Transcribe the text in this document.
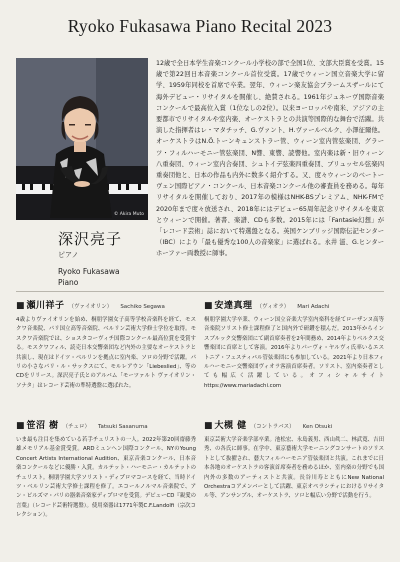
Ryoko Fukasawa Piano Recital 2023
© Akira Muto
深沢亮子
ピアノ
Ryoko Fukasawa
Piano
12歳で全日本学生音楽コンクール小学校の部で全国1位、文部大臣賞を受賞。15歳で第22回日本音楽コンクール首位受賞。17歳でウィーン国立音楽大学に留学、1959年同校を首席で卒業。翌年、ウィーン楽友協会ブラームスザールにて海外デビュー・リサイタルを開催し、絶賛される。1961年ジュネーヴ国際音楽コンクールで最高位入賞（1位なしの2位）。以来ヨーロッパや南米、アジアの主要都市でリサイタルや室内楽、オーケストラとの共演等国際的な舞台で活躍。共演した指揮者はレ・マタチッチ、G.ヴァント、H.ヴァールベルク、小澤征爾他。オーケストラはN.Ö.トーンキュンストラー管、ウィーン室内管弦楽団、グラーツ・フィルハーモニー管弦楽団、N響、東響、読響他。室内楽は新・旧ウィーン八重奏団、ウィーン室内合奏団、シュトイデ弦楽四重奏団、ブリュッセル弦楽四重奏団他と、日本の作品も内外に数多く紹介する。又、度々ウィーンのベートーヴェン国際ピアノ・コンクール、日本音楽コンクール他の審査員を務める。毎年リサイタルを開催しており、2017年の模様はNHK-BSプレミアム、NHK-FMで2020年まで度々放送され、2018年にはデビュー65周年記念リサイタルを東京とウィーンで開催。著書、楽譜、CDも多数。2015年には「Fantasie幻想」が「レコード芸術」誌において特選盤となる。英国ケンブリッジ国際伝記センター（IBC）により「最も優秀な100人の音楽家」に選ばれる。永井 滋、G.ヒンターホーファー両教授に師事。
■ 瀬川祥子 （ヴァイオリン） Sachiko Segawa
4歳よりヴァイオリンを始め、桐朋学園女子高等学校音楽科を経て、モスクワ音楽院、パリ国立高等音楽院、ベルリン芸術大学修士学位を取得。モスクワ音楽院では、ショスタコーヴィチ国際コンクール最高位賞を受賞する。モスクワフィル、読売日本交響楽団など内外の主要なオーケストラと共演し、現在はドイツ・ベルリンを拠点に室内楽、ソロの分野で活躍。パリの小さなパリ・ル・サックスにて、モルレアウン「Liebeslied」、等のCDをリリース。深沢亮子氏とのアルバム「モーツァルト ヴァイオリン・ソナタ」はレコード芸術の準特選盤に選ばれた。
■ 安達真理 （ヴィオラ） Mari Adachi
桐朋学園大学卒業、ウィーン国立音楽大学室内楽科を経てローザンヌ高等音楽院ソリスト修士課程修了と国内外で研鑽を積んだ。2013年からインスブルック交響楽団にて副首席奏者を2年間務め、2014年よりベルクス交響楽団に首席として客演。2016年よりパーヴォ・ヤルヴィ氏率いるエストニア・フェスティバル管弦楽団にも参加している。2021年より日本フィルハーモニー交響楽団ヴィオラ客演首席奏者。ソリスト、室内楽奏者としても幅広く活躍している。オフィシャルサイト https://www.mariadachi.com
■ 笹沼 樹 （チェロ） Tatsuki Sasanuma
いま最も注目を集めている若手チェリストの一人。2022年第20回齋藤秀雄メモリアル基金賞受賞。ARDミュンヘン国際コンクール、NYのYoung Concert Artists International Audition、東京音楽コンクール、日本音楽コンクールなどに優勝・入賞。カルテット・ハーモニー・カルテットのチェリスト。桐朋学園大学ソリスト・ディプロマコースを経て、当時ドイツ・ベルリン芸術大学修士課程を修了。エコールノルマル音楽院で、アン・ビルズマ・パリの器楽音楽家ディプロマを受賞。デビューCD『親愛の言葉』（レコード芸術特選盤）。使用楽器は1771年製C.F.Landolfi（宗次コレクション）。
■ 大槻 健 （コントラバス） Ken Otsuki
東京芸術大学音楽学部卒業。池松宏、永島義男、西山眞二、林武寛、吉田秀、の各氏に師事。在学中、東京藝術大学モーニングコンサートのソリストとして抜擢され、藝大フィルハーモニア管弦楽団と共演。これまでに日本各地のオーケストラの客演首席奏者を務めるほか、室内楽の分野でも国内外の多数のアーティストと共演。長谷川寿とともにNew National Orchestraコアメンバーとして活躍、東京オペラシティにおけるリサイタル等、アンサンブル、オーケストラ、ソロと幅広い分野で活動を行う。
